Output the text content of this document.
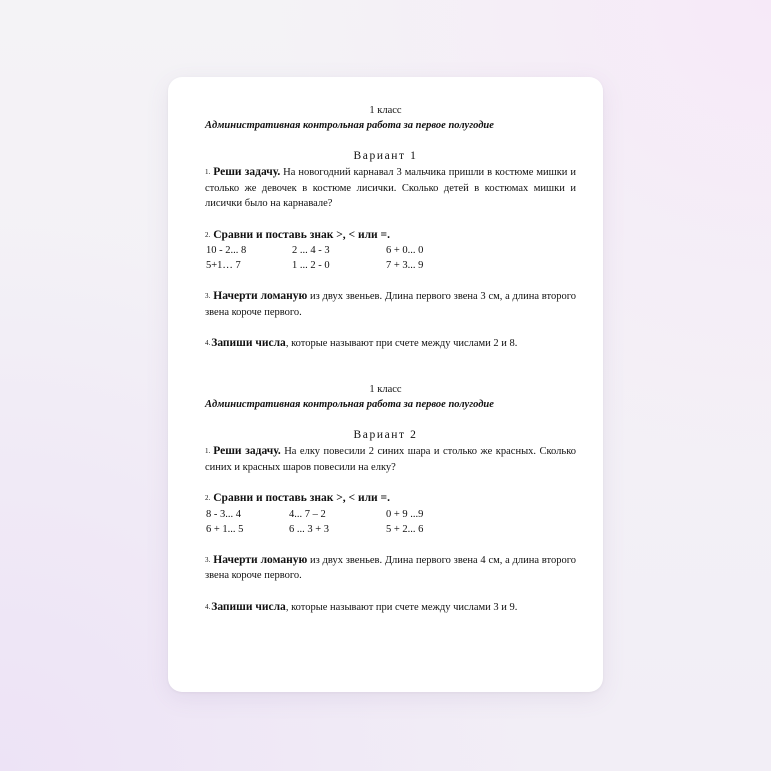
1 класс
Административная контрольная работа за первое полугодие
Вариант 1
1. Реши задачу. На новогодний карнавал 3 мальчика пришли в костюме мишки и столько же девочек в костюме лисички. Сколько детей в костюмах мишки и лисички было на карнавале?
2. Сравни и поставь знак >, < или =.
10 - 2... 8	2 ... 4 - 3	6 + 0... 0
5+1… 7	1 ... 2 - 0	7 + 3... 9
3. Начерти ломаную из двух звеньев. Длина первого звена 3 см, а длина второго звена короче первого.
4.Запиши числа, которые называют при счете между числами 2 и 8.
1 класс
Административная контрольная работа за первое полугодие
Вариант 2
1. Реши задачу. На елку повесили 2 синих шара и столько же красных. Сколько синих и красных шаров повесили на елку?
2. Сравни и поставь знак >, < или =.
8 - 3... 4	4... 7 – 2	0 + 9 ...9
6 + 1... 5	6 ... 3 + 3	5 + 2... 6
3. Начерти ломаную из двух звеньев. Длина первого звена 4 см, а длина второго звена короче первого.
4.Запиши числа, которые называют при счете между числами 3 и 9.
